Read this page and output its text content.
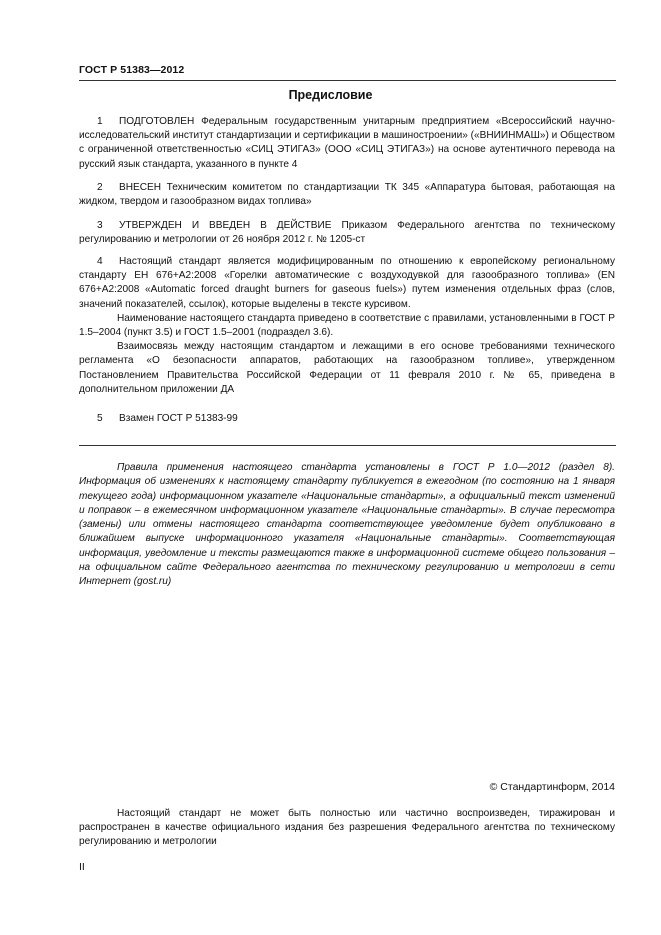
ГОСТ Р 51383—2012
Предисловие

1 ПОДГОТОВЛЕН Федеральным государственным унитарным предприятием «Всероссийский научно-исследовательский институт стандартизации и сертификации в машиностроении» («ВНИИНМАШ») и Обществом с ограниченной ответственностью «СИЦ ЭТИГАЗ» (ООО «СИЦ ЭТИГАЗ») на основе аутентичного перевода на русский язык стандарта, указанного в пункте 4

2 ВНЕСЕН Техническим комитетом по стандартизации ТК 345 «Аппаратура бытовая, работающая на жидком, твердом и газообразном видах топлива»

3 УТВЕРЖДЕН И ВВЕДЕН В ДЕЙСТВИЕ Приказом Федерального агентства по техническому регулированию и метрологии от 26 ноября 2012 г. № 1205-ст

4 Настоящий стандарт является модифицированным по отношению к европейскому региональному стандарту ЕН 676+А2:2008 «Горелки автоматические с воздуходувкой для газообразного топлива» (EN 676+A2:2008 «Automatic forced draught burners for gaseous fuels») путем изменения отдельных фраз (слов, значений показателей, ссылок), которые выделены в тексте курсивом.

Наименование настоящего стандарта приведено в соответствие с правилами, установленными в ГОСТ Р 1.5–2004 (пункт 3.5) и ГОСТ 1.5–2001 (подраздел 3.6).

Взаимосвязь между настоящим стандартом и лежащими в его основе требованиями технического регламента «О безопасности аппаратов, работающих на газообразном топливе», утвержденном Постановлением Правительства Российской Федерации от 11 февраля 2010 г. № 65, приведена в дополнительном приложении ДА

5 Взамен ГОСТ Р 51383-99

Правила применения настоящего стандарта установлены в ГОСТ Р 1.0—2012 (раздел 8). Информация об изменениях к настоящему стандарту публикуется в ежегодном (по состоянию на 1 января текущего года) информационном указателе «Национальные стандарты», а официальный текст изменений и поправок – в ежемесячном информационном указателе «Национальные стандарты». В случае пересмотра (замены) или отмены настоящего стандарта соответствующее уведомление будет опубликовано в ближайшем выпуске информационного указателя «Национальные стандарты». Соответствующая информация, уведомление и тексты размещаются также в информационной системе общего пользования – на официальном сайте Федерального агентства по техническому регулированию и метрологии в сети Интернет (gost.ru)

© Стандартинформ, 2014

Настоящий стандарт не может быть полностью или частично воспроизведен, тиражирован и распространен в качестве официального издания без разрешения Федерального агентства по техническому регулированию и метрологии

II
